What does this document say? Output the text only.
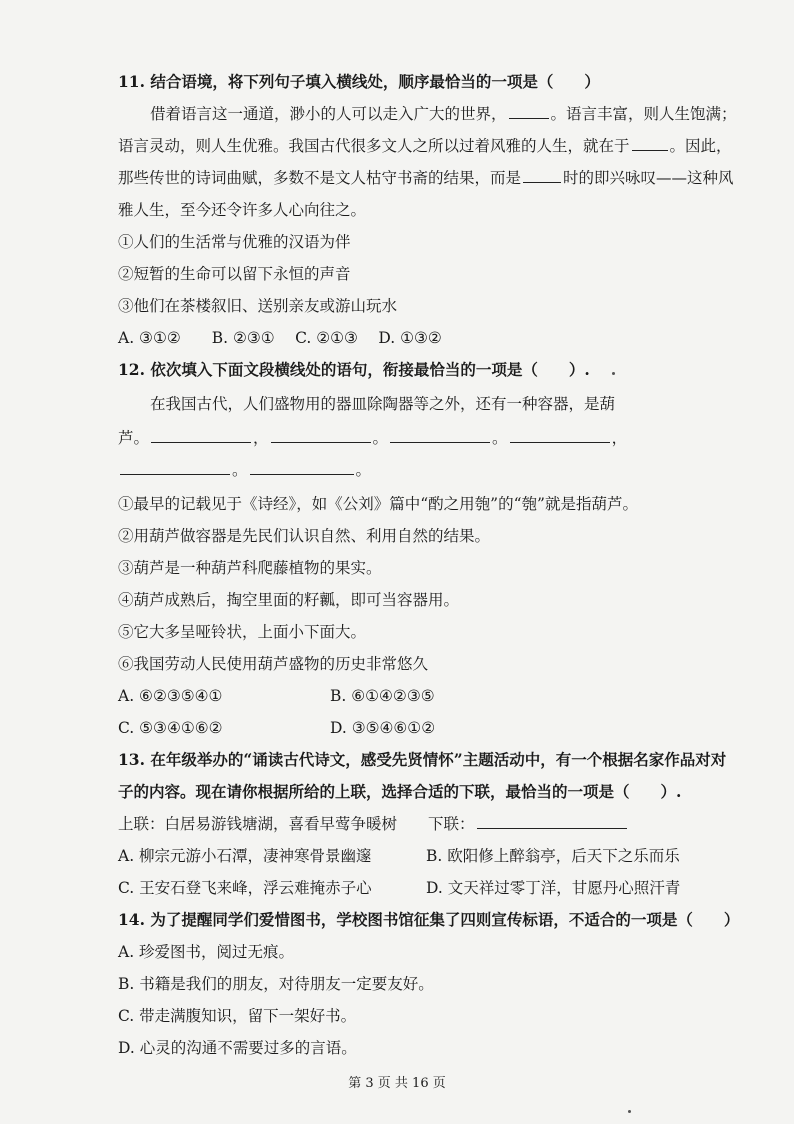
11. 结合语境，将下列句子填入横线处，顺序最恰当的一项是（　　）
借着语言这一通道，渺小的人可以走入广大的世界，	。语言丰富，则人生饱满；
语言灵动，则人生优雅。我国古代很多文人之所以过着风雅的人生，就在于	。因此，
那些传世的诗词曲赋，多数不是文人枯守书斋的结果，而是	时的即兴咏叹——这种风
雅人生，至今还令许多人心向往之。
①人们的生活常与优雅的汉语为伴
②短暂的生命可以留下永恒的声音
③他们在茶楼叙旧、送别亲友或游山玩水
A. ③①②　　B. ②③①　 C. ②①③　 D. ①③②
12. 依次填入下面文段横线处的语句，衔接最恰当的一项是（　　）.
在我国古代，人们盛物用的器皿除陶器等之外，还有一种容器，是葫
芦。	，	。	。	，
。	。
①最早的记载见于《诗经》，如《公刘》篇中“酌之用匏”的“匏”就是指葫芦。
②用葫芦做容器是先民们认识自然、利用自然的结果。
③葫芦是一种葫芦科爬藤植物的果实。
④葫芦成熟后，掏空里面的籽瓤，即可当容器用。
⑤它大多呈哑铃状，上面小下面大。
⑥我国劳动人民使用葫芦盛物的历史非常悠久
A. ⑥②③⑤④①	B. ⑥①④②③⑤
C. ⑤③④①⑥②	D. ③⑤④⑥①②
13. 在年级举办的“诵读古代诗文，感受先贤情怀”主题活动中，有一个根据名家作品对对
子的内容。现在请你根据所给的上联，选择合适的下联，最恰当的一项是（　　）.
上联：白居易游钱塘湖，喜看早莺争暖树 下联：
A. 柳宗元游小石潭，凄神寒骨景幽邃	B. 欧阳修上醉翁亭，后天下之乐而乐
C. 王安石登飞来峰，浮云难掩赤子心	D. 文天祥过零丁洋，甘愿丹心照汗青
14. 为了提醒同学们爱惜图书，学校图书馆征集了四则宣传标语，不适合的一项是（　　）
A. 珍爱图书，阅过无痕。
B. 书籍是我们的朋友，对待朋友一定要友好。
C. 带走满腹知识，留下一架好书。
D. 心灵的沟通不需要过多的言语。
第 3 页 共 16 页
